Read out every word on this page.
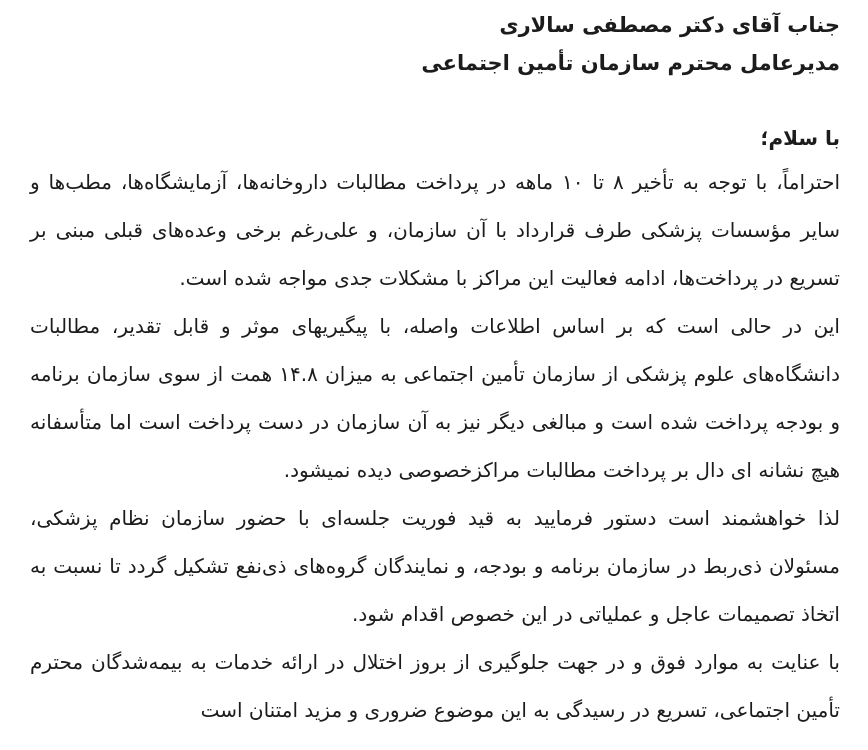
جناب آقای دکتر مصطفی سالاری
مدیرعامل محترم سازمان تأمین اجتماعی
با سلام؛

احتراماً، با توجه به تأخیر ۸ تا ۱۰ ماهه در پرداخت مطالبات داروخانه‌ها، آزمایشگاه‌ها، مطب‌ها و سایر مؤسسات پزشکی طرف قرارداد با آن سازمان، و علی‌رغم برخی وعده‌های قبلی مبنی بر تسریع در پرداخت‌ها، ادامه فعالیت این مراکز با مشکلات جدی مواجه شده است.

این در حالی است که بر اساس اطلاعات واصله، با پیگیریهای موثر و قابل تقدیر، مطالبات دانشگاه‌های علوم پزشکی از سازمان تأمین اجتماعی به میزان ۱۴.۸ همت از سوی سازمان برنامه و بودجه پرداخت شده است و مبالغی دیگر نیز به آن سازمان در دست پرداخت است اما متأسفانه هیچ نشانه ای دال بر پرداخت مطالبات مراکزخصوصی دیده نمیشود.

لذا خواهشمند است دستور فرمایید به قید فوریت جلسه‌ای با حضور سازمان نظام پزشکی، مسئولان ذی‌ربط در سازمان برنامه و بودجه، و نمایندگان گروه‌های ذی‌نفع تشکیل گردد تا نسبت به اتخاذ تصمیمات عاجل و عملیاتی در این خصوص اقدام شود.

با عنایت به موارد فوق و در جهت جلوگیری از بروز اختلال در ارائه خدمات به بیمه‌شدگان محترم تأمین اجتماعی، تسریع در رسیدگی به این موضوع ضروری و مزید امتنان است
